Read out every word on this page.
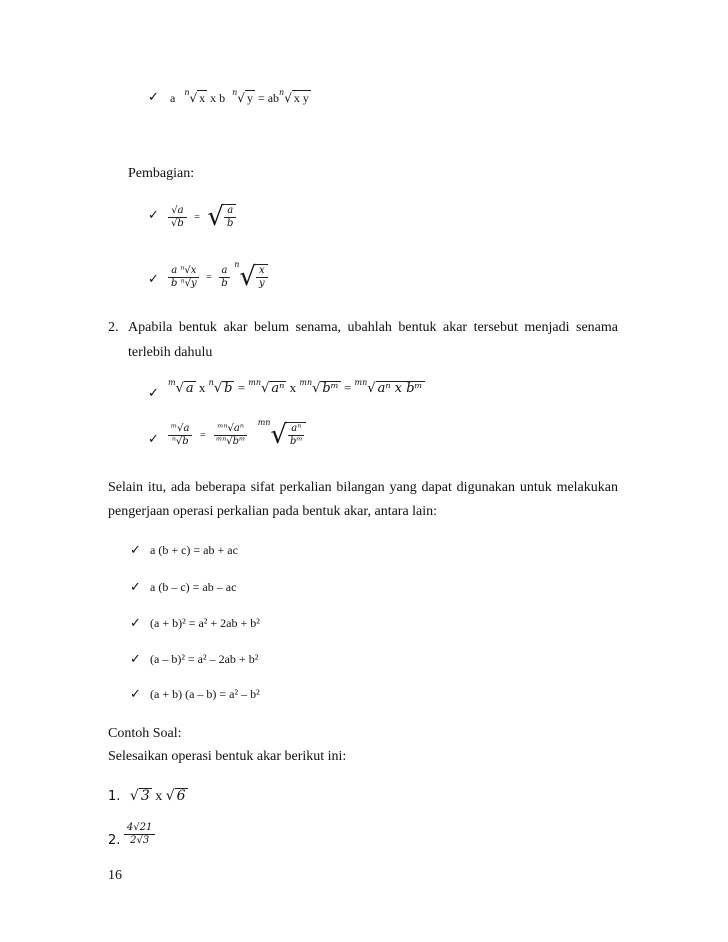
✓ a $^n$√ x x b $^n$√ $y = ab^n√$ x y
Pembagian:
✓ $\frac{√a}{√b}$ = √ $\frac{a}{b}$
✓ $\frac{\text{a ⁿ√x}}{\text{b ⁿ√y}} = \frac{a}{b} ^n√ \frac{x}{y}$
2. Apabila bentuk akar belum senama, ubahlah bentuk akar tersebut menjadi senama
terlebih dahulu
✓
$^m$√ a x $^n$√ b = $^{mn}$√ aⁿ x $^{mn}$√ bᵐ = $^{mn}$√ aⁿ x bᵐ
✓ $\frac{\text{ᵐ√a}}{\text{ⁿ√b}} = \frac{\text{ᵐⁿ√aⁿ}}{\text{ᵐⁿ√bᵐ}} ^{mn}√ \frac{\text{aⁿ}}{\text{bᵐ}}$
Selain itu, ada beberapa sifat perkalian bilangan yang dapat digunakan untuk melakukan
pengerjaan operasi perkalian pada bentuk akar, antara lain:
✓ a (b + c) = ab + ac
✓ a (b – c) = ab – ac
✓ (a + b)² = a² + 2ab + b²
✓ (a – b)² = a² – 2ab + b²
✓ (a + b) (a – b) = a² – b²
Contoh Soal:
Selesaikan operasi bentuk akar berikut ini:
1. √ 3 x √ 6
2. $\frac{4√21}{2√3}$
16
